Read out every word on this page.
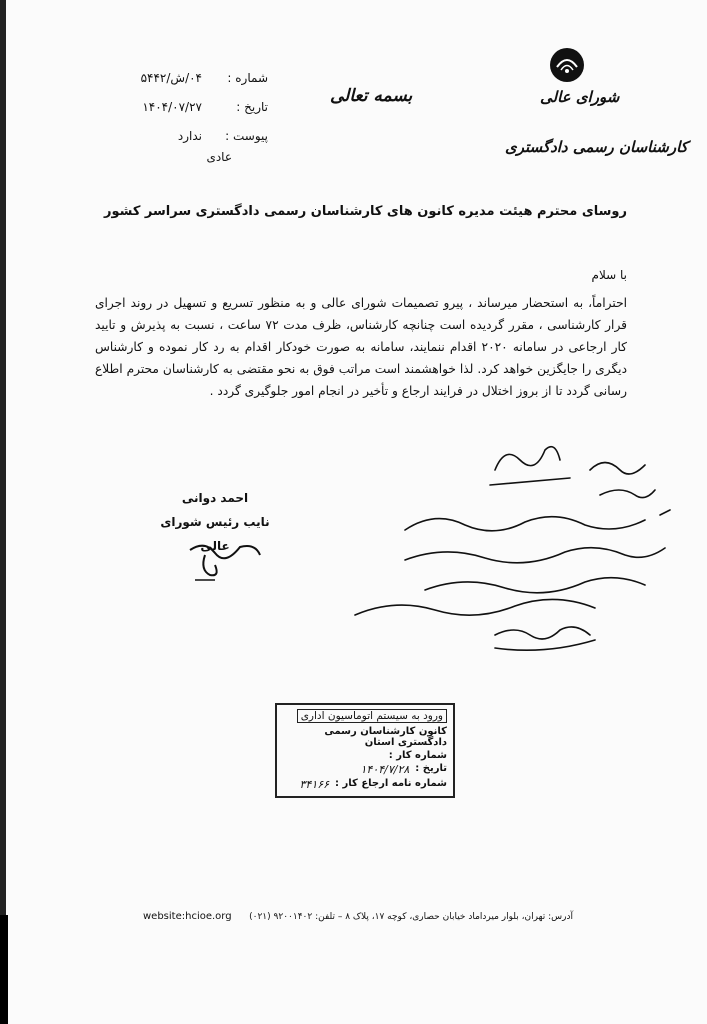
شماره :
۰۴/ش/۵۴۴۲
تاریخ :
۱۴۰۴/۰۷/۲۷
پیوست :
ندارد
عادی
بسمه تعالی	شورای عالی
کارشناسان رسمی دادگستری
روسای محترم هیئت مدیره کانون های کارشناسان رسمی دادگستری سراسر کشور
با سلام
احتراماً، به استحضار میرساند ، پیرو تصمیمات شورای عالی و به منظور تسریع و تسهیل در روند اجرای قرار کارشناسی ، مقرر گردیده است چنانچه کارشناس، ظرف مدت ۷۲ ساعت ، نسبت به پذیرش و تایید کار ارجاعی در سامانه ۲۰۲۰ اقدام ننمایند، سامانه به صورت خودکار اقدام به رد کار نموده و کارشناس دیگری را جایگزین خواهد کرد. لذا خواهشمند است مراتب فوق به نحو مقتضی به کارشناسان محترم اطلاع رسانی گردد تا از بروز اختلال در فرایند ارجاع و تأخیر در انجام امور جلوگیری گردد .
احمد دوانی
نایب رئیس شورای عالی
ورود به سیستم اتوماسیون اداری
کانون کارشناسان رسمی دادگستری استان
شماره کار :
تاریخ :
۱۴۰۴/۷/۲۸
شماره نامه ارجاع کار :
۳۴۱۶۶
آدرس: تهران، بلوار میرداماد خیابان حصاری، کوچه ۱۷، پلاک ۸ – تلفن: ۹۲۰۰۱۴۰۲ (۰۲۱)
website:hcioe.org
